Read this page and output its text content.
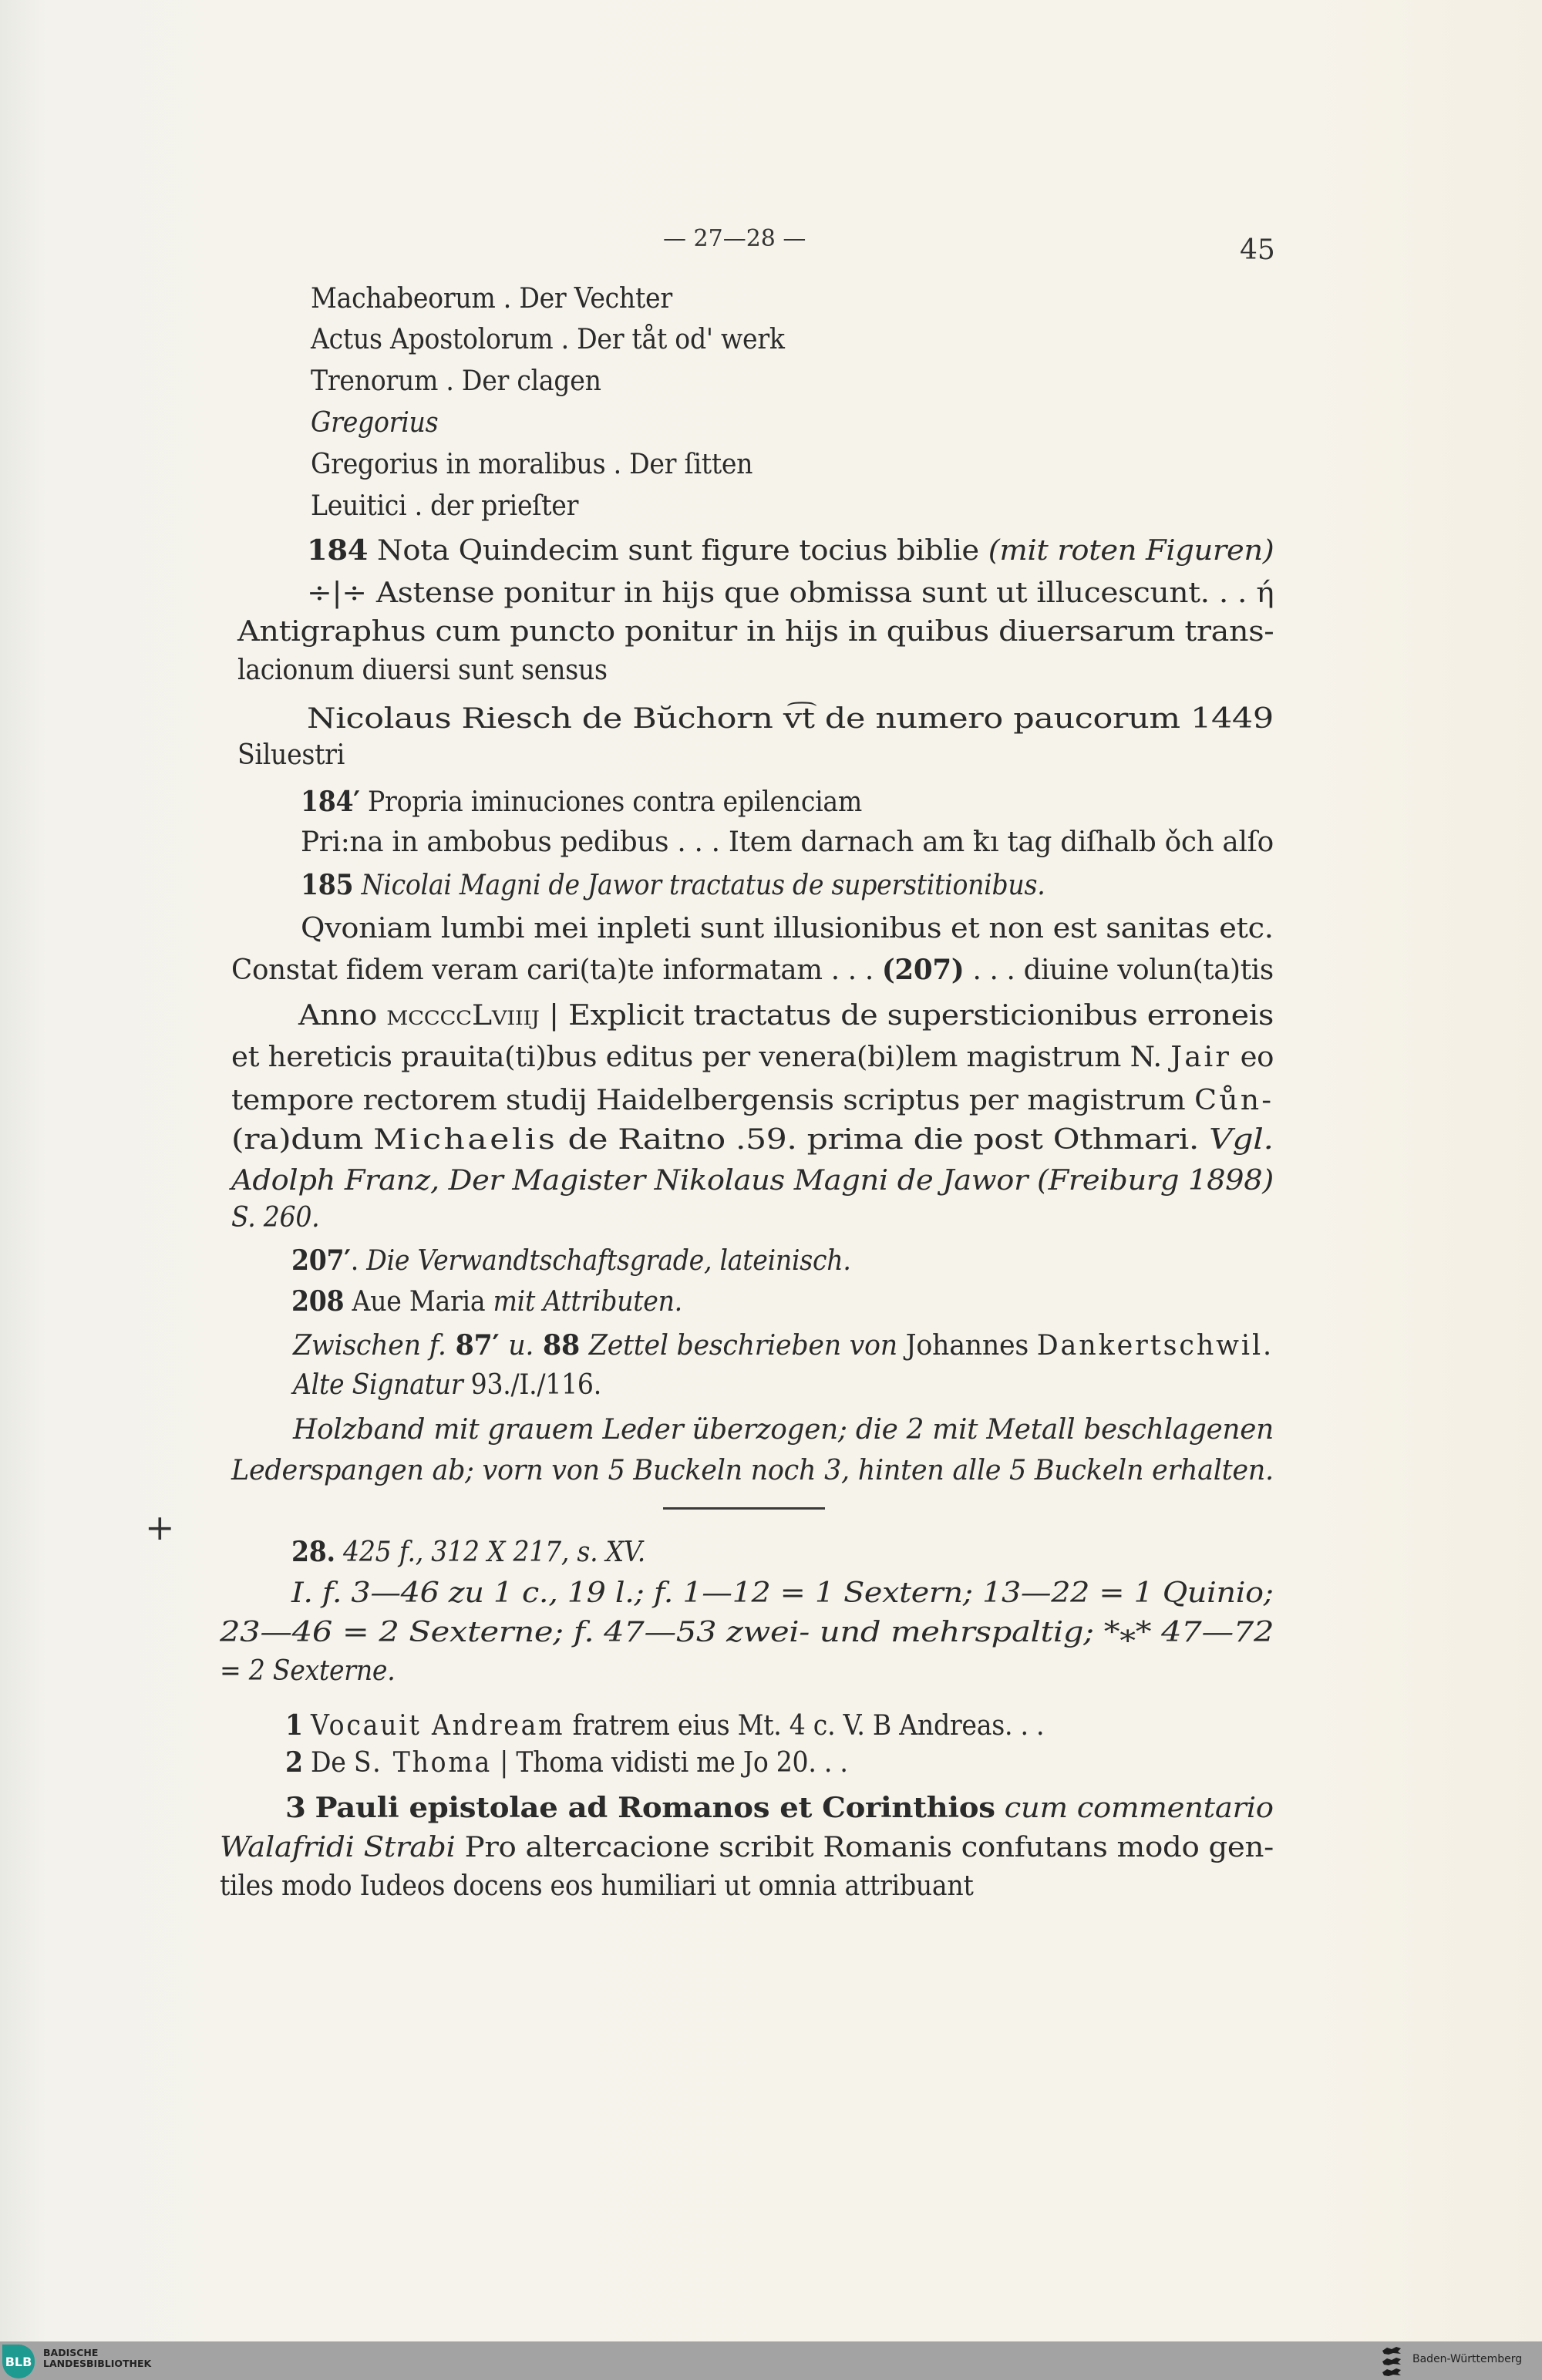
— 27—28 —	45
Machabeorum . Der Vechter
Actus Apostolorum . Der tåt od' werk
Trenorum . Der clagen
Gregorius
Gregorius in moralibus . Der ſitten
Leuitici . der prieſter
184 Nota Quindecim sunt figure tocius biblie (mit roten Figuren)
÷|÷ Astense ponitur in hijs que obmissa sunt ut illucescunt. . . ή
Antigraphus cum puncto ponitur in hijs in quibus diuersarum trans-
lacionum diuersi sunt sensus
Nicolaus Riesch de Bŭchorn v͡t de numero paucorum 1449
Siluestri
184′ Propria iminuciones contra epilenciam
Pri:na in ambobus pedibus . . . Item darnach am ꝁı tag diſhalb ǒch alſo
185 Nicolai Magni de Jawor tractatus de superstitionibus.
Qvoniam lumbi mei inpleti sunt illusionibus et non est sanitas etc.
Constat fidem veram cari(ta)te informatam . . . (207) . . . diuine volun(ta)tis
Anno mccccLviiij | Explicit tractatus de supersticionibus erroneis
et hereticis prauita(ti)bus editus per venera(bi)lem magistrum N. Jair eo
tempore rectorem studij Haidelbergensis scriptus per magistrum Cůn-
(ra)dum Michaelis de Raitno .59. prima die post Othmari. Vgl.
Adolph Franz, Der Magister Nikolaus Magni de Jawor (Freiburg 1898)
S. 260.
207′. Die Verwandtschaftsgrade, lateinisch.
208 Aue Maria mit Attributen.
Zwischen f. 87′ u. 88 Zettel beschrieben von Johannes Dankertschwil.
Alte Signatur 93./I./116.
Holzband mit grauem Leder überzogen; die 2 mit Metall beschlagenen
Lederspangen ab; vorn von 5 Buckeln noch 3, hinten alle 5 Buckeln erhalten.
+
28. 425 f., 312 X 217, s. XV.
I. f. 3—46 zu 1 c., 19 l.; f. 1—12 = 1 Sextern; 13—22 = 1 Quinio;
23—46 = 2 Sexterne; f. 47—53 zwei- und mehrspaltig; *⁎* 47—72
= 2 Sexterne.
1 Vocauit Andream fratrem eius Mt. 4 c. V. B Andreas. . .
2 De S. Thoma | Thoma vidisti me Jo 20. . .
3 Pauli epistolae ad Romanos et Corinthios cum commentario
Walafridi Strabi Pro altercacione scribit Romanis confutans modo gen-
tiles modo Iudeos docens eos humiliari ut omnia attribuant
BLB
BADISCHE
LANDESBIBLIOTHEK	Baden-Württemberg
